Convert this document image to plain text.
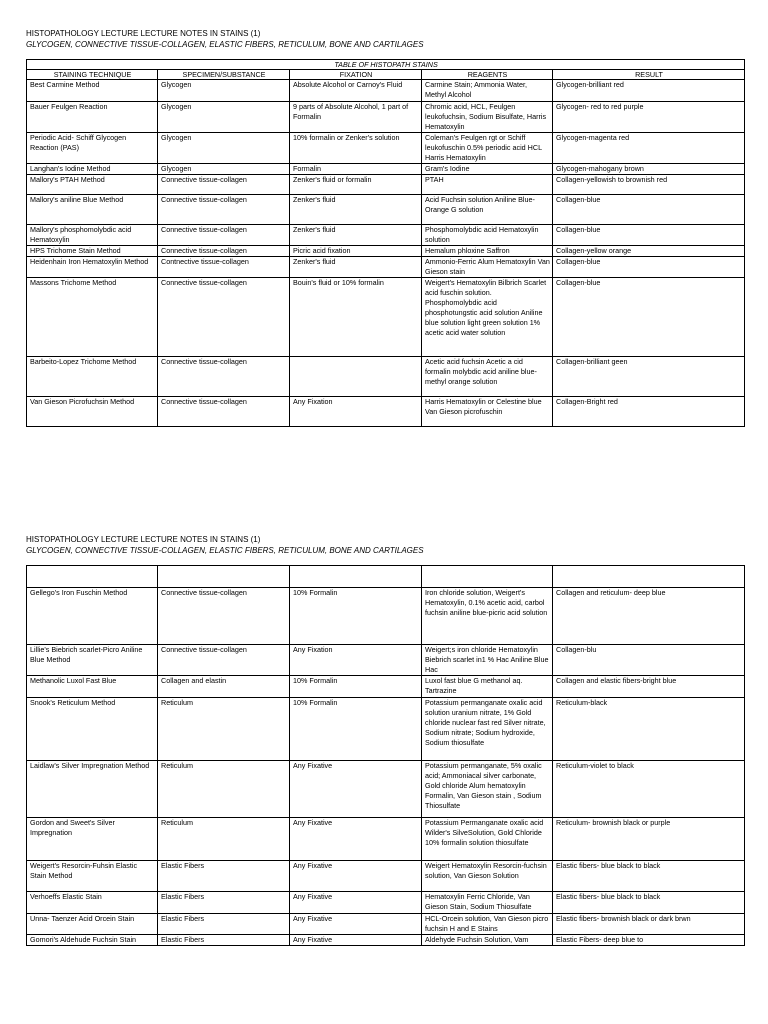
HISTOPATHOLOGY LECTURE LECTURE NOTES IN STAINS (1)
GLYCOGEN, CONNECTIVE TISSUE-COLLAGEN, ELASTIC FIBERS, RETICULUM, BONE AND CARTILAGES
TABLE OF HISTOPATH STAINS				
STAINING TECHNIQUE	SPECIMEN/SUBSTANCE	FIXATION	REAGENTS	RESULT
Best Carmine Method	Glycogen	Absolute Alcohol or Carnoy's Fluid	Carmine Stain; Ammonia Water, Methyl Alcohol	Glycogen-brilliant red
Bauer Feulgen Reaction	Glycogen	9 parts of Absolute Alcohol, 1 part of Formalin	Chromic acid, HCL, Feulgen leukofuchsin, Sodium Bisulfate, Harris Hematoxylin	Glycogen- red to red purple
Periodic Acid- Schiff Glycogen Reaction (PAS)	Glycogen	10% formalin or Zenker's solution	Coleman's Feulgen rgt or Schiff leukofuschin 0.5% periodic acid HCL Harris Hematoxylin	Glycogen-magenta red
Langhan's Iodine Method	Glycogen	Formalin	Gram's Iodine	Glycogen-mahogany brown
Mallory's PTAH Method	Connective tissue-collagen	Zenker's fluid or formalin	PTAH	Collagen-yellowish to brownish red
Mallory's aniline Blue Method	Connective tissue-collagen	Zenker's fluid	Acid Fuchsin solution Aniline Blue-Orange G solution	Collagen-blue
Mallory's phosphomolybdic acid Hematoxylin	Connective tissue-collagen	Zenker's fluid	Phosphomolybdic acid Hematoxylin solution	Collagen-blue
HPS Trichome Stain Method	Connective tissue-collagen	Picric acid fixation	Hemalum phloxine Saffron	Collagen-yellow orange
Heidenhain Iron Hematoxylin Method	Contnective tissue-collagen	Zenker's fluid	Ammonio-Ferric Alum Hematoxylin Van Gieson stain	Collagen-blue
Massons Trichome Method	Connective tissue-collagen	Bouin's fluid or 10% formalin	Weigert's Hematoxylin Bilbrich Scarlet acid fuschin solution. Phosphomolybdic acid phosphotungstic acid solution Aniline blue solution light green solution 1% acetic acid water solution	Collagen-blue
Barbeito-Lopez Trichome Method	Connective tissue-collagen		Acetic acid fuchsin Acetic a cid formalin molybdic acid aniline blue-methyl orange solution	Collagen-brilliant geen
Van Gieson Picrofuchsin Method	Connective tissue-collagen	Any Fixation	Harris Hematoxylin or Celestine blue Van Gieson picrofuschin	Collagen-Bright red
HISTOPATHOLOGY LECTURE LECTURE NOTES IN STAINS (1)
GLYCOGEN, CONNECTIVE TISSUE-COLLAGEN, ELASTIC FIBERS, RETICULUM, BONE AND CARTILAGES

Gellego's Iron Fuschin Method	Connective tissue-collagen	10% Formalin	Iron chloride solution, Weigert's Hematoxylin, 0.1% acetic acid, carbol fuchsin aniline blue-picric acid solution	Collagen and reticulum- deep blue
Lillie's Biebrich scarlet-Picro Aniline Blue Method	Connective tissue-collagen	Any Fixation	Weigert;s iron chloride Hematoxylin Biebrich scarlet in1 % Hac Aniline Blue Hac	Collagen-blu
Methanolic Luxol Fast Blue	Collagen and elastin	10% Formalin	Luxol fast blue G methanol aq. Tartrazine	Collagen and elastic fibers-bright blue
Snook's Reticulum Method	Reticulum	10% Formalin	Potassium permanganate oxalic acid solution uranium nitrate, 1% Gold chloride nuclear fast red Silver nitrate, Sodium nitrate; Sodium hydroxide, Sodium thiosulfate	Reticulum-black
Laidlaw's Silver Impregnation Method	Reticulum	Any Fixative	Potassium permanganate, 5% oxalic acid; Ammoniacal silver carbonate, Gold chloride Alum hematoxylin Formalin, Van Gieson stain , Sodium Thiosulfate	Reticulum-violet to black
Gordon and Sweet's Silver Impregnation	Reticulum	Any Fixative	Potassium Permanganate oxalic acid Wilder's SilveSolution, Gold Chloride 10% formalin solution thiosulfate	Reticulum- brownish black or purple
Weigert's Resorcin-Fuhsin Elastic Stain Method	Elastic Fibers	Any Fixative	Weigert Hematoxylin Resorcin-fuchsin solution, Van Gieson Solution	Elastic fibers- blue black to black
Verhoeffs Elastic Stain	Elastic Fibers	Any Fixative	Hematoxylin Ferric Chloride, Van Gieson Stain, Sodium Thiosulfate	Elastic fibers- blue black to black
Unna- Taenzer Acid Orcein Stain	Elastic Fibers	Any Fixative	HCL-Orcein solution, Van Gieson picro fuchsin H and E Stains	Elastic fibers- brownish black or dark brwn
Gomori's Aldehude Fuchsin Stain	Elastic Fibers	Any Fixative	Aldehyde Fuchsin Solution, Vam	Elastic Fibers- deep blue to
